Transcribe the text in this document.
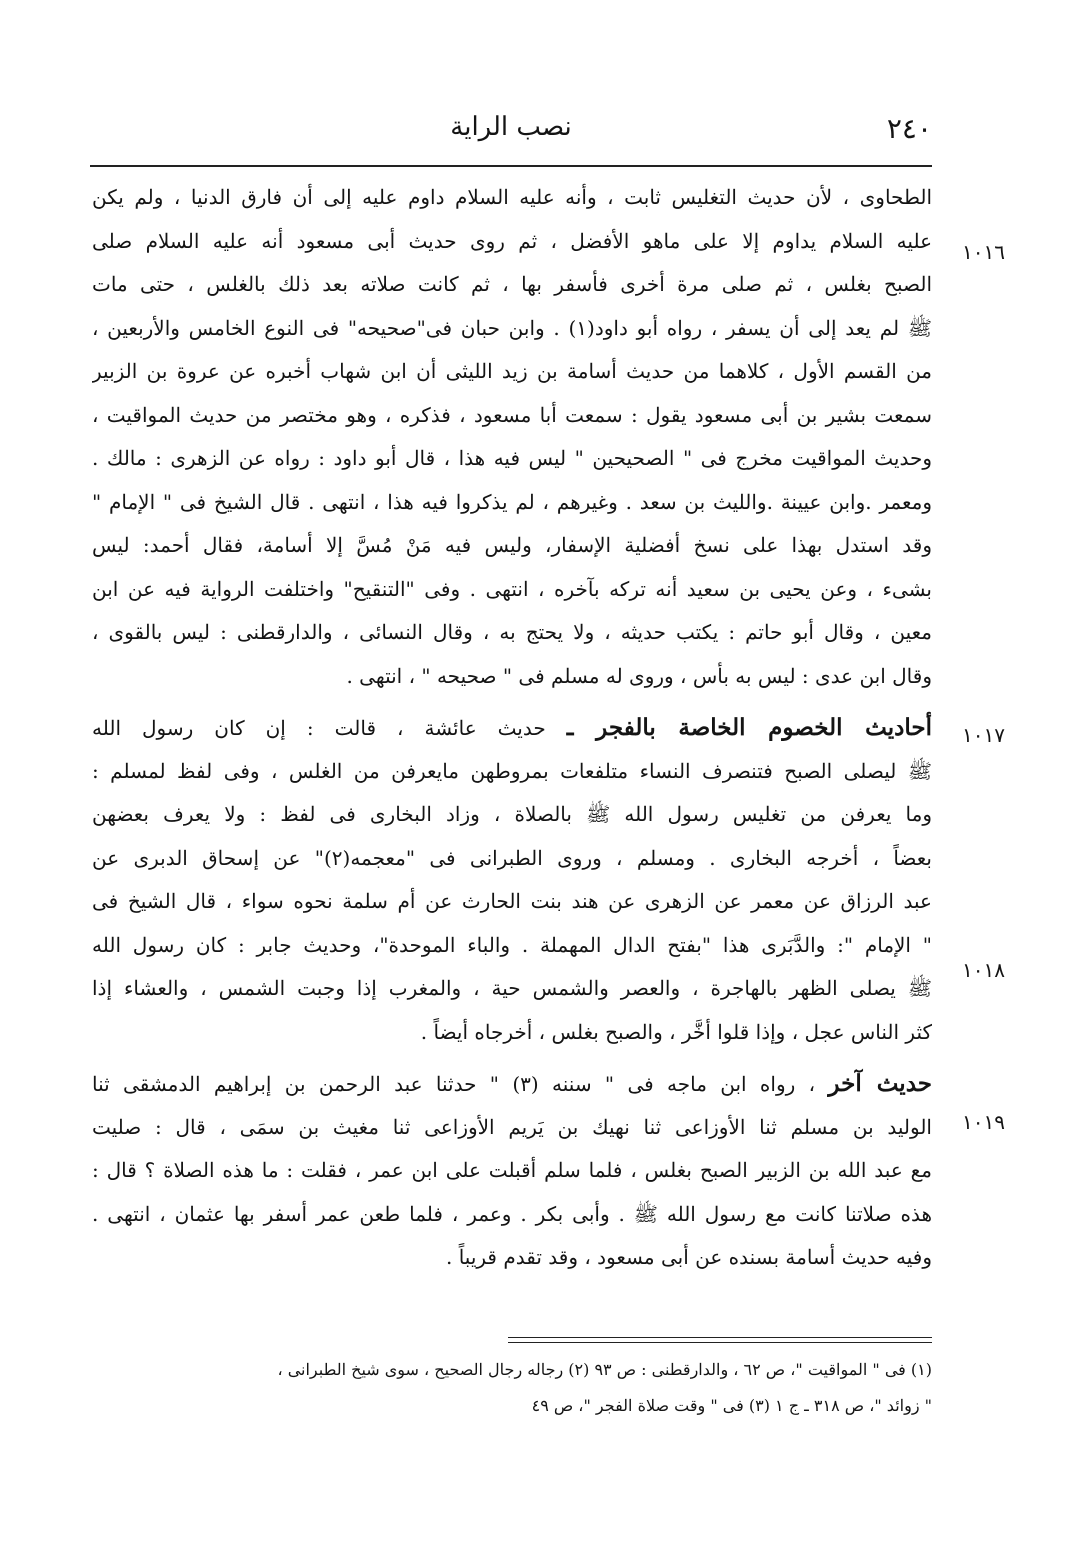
٢٤٠
نصب الراية
١٠١٦
١٠١٧
١٠١٨
١٠١٩
الطحاوى ، لأن حديث التغليس ثابت ، وأنه عليه السلام داوم عليه إلى أن فارق الدنيا ، ولم يكن
عليه السلام يداوم إلا على ماهو الأفضل ، ثم روى حديث أبى مسعود أنه عليه السلام صلى
الصبح بغلس ، ثم صلى مرة أخرى فأسفر بها ، ثم كانت صلاته بعد ذلك بالغلس ، حتى مات
ﷺ لم يعد إلى أن يسفر ، رواه أبو داود(١) . وابن حبان فى"صحيحه" فى النوع الخامس والأربعين ،
من القسم الأول ، كلاهما من حديث أسامة بن زيد الليثى أن ابن شهاب أخبره عن عروة بن الزبير
سمعت بشير بن أبى مسعود يقول : سمعت أبا مسعود ، فذكره ، وهو مختصر من حديث المواقيت ،
وحديث المواقيت مخرج فى " الصحيحين " ليس فيه هذا ، قال أبو داود : رواه عن الزهرى : مالك .
ومعمر .وابن عيينة .والليث بن سعد . وغيرهم ، لم يذكروا فيه هذا ، انتهى . قال الشيخ فى " الإمام "
وقد استدل بهذا على نسخ أفضلية الإسفار، وليس فيه مَنْ مُسَّ إلا أسامة، فقال أحمد: ليس
بشىء ، وعن يحيى بن سعيد أنه تركه بآخره ، انتهى . وفى "التنقيح" واختلفت الرواية فيه عن ابن
معين ، وقال أبو حاتم : يكتب حديثه ، ولا يحتج به ، وقال النسائى ، والدارقطنى : ليس بالقوى ،
وقال ابن عدى : ليس به بأس ، وروى له مسلم فى " صحيحه " ، انتهى .
أحاديث الخصوم الخاصة بالفجر ـ حديث عائشة ، قالت : إن كان رسول الله
ﷺ ليصلى الصبح فتنصرف النساء متلفعات بمروطهن مايعرفن من الغلس ، وفى لفظ لمسلم :
وما يعرفن من تغليس رسول الله ﷺ بالصلاة ، وزاد البخارى فى لفظ : ولا يعرف بعضهن
بعضاً ، أخرجه البخارى . ومسلم ، وروى الطبرانى فى "معجمه(٢)" عن إسحاق الدبرى عن
عبد الرزاق عن معمر عن الزهرى عن هند بنت الحارث عن أم سلمة نحوه سواء ، قال الشيخ فى
" الإمام ": والدَّبَرى هذا "بفتح الدال المهملة . والباء الموحدة"، وحديث جابر : كان رسول الله
ﷺ يصلى الظهر بالهاجرة ، والعصر والشمس حية ، والمغرب إذا وجبت الشمس ، والعشاء إذا
كثر الناس عجل ، وإذا قلوا أخَّر ، والصبح بغلس ، أخرجاه أيضاً .
حديث آخر ، رواه ابن ماجه فى " سننه (٣) " حدثنا عبد الرحمن بن إبراهيم الدمشقى ثنا
الوليد بن مسلم ثنا الأوزاعى ثنا نهيك بن يَريم الأوزاعى ثنا مغيث بن سمَى ، قال : صليت
مع عبد الله بن الزبير الصبح بغلس ، فلما سلم أقبلت على ابن عمر ، فقلت : ما هذه الصلاة ؟ قال :
هذه صلاتنا كانت مع رسول الله ﷺ . وأبى بكر . وعمر ، فلما طعن عمر أسفر بها عثمان ، انتهى .
وفيه حديث أسامة بسنده عن أبى مسعود ، وقد تقدم قريباً .
(١) فى " المواقيت "، ص ٦٢ ، والدارقطنى : ص ٩٣ (٢) رجاله رجال الصحيح ، سوى شيخ الطبرانى ،
" زوائد "، ص ٣١٨ ـ ج ١ (٣) فى " وقت صلاة الفجر "، ص ٤٩
